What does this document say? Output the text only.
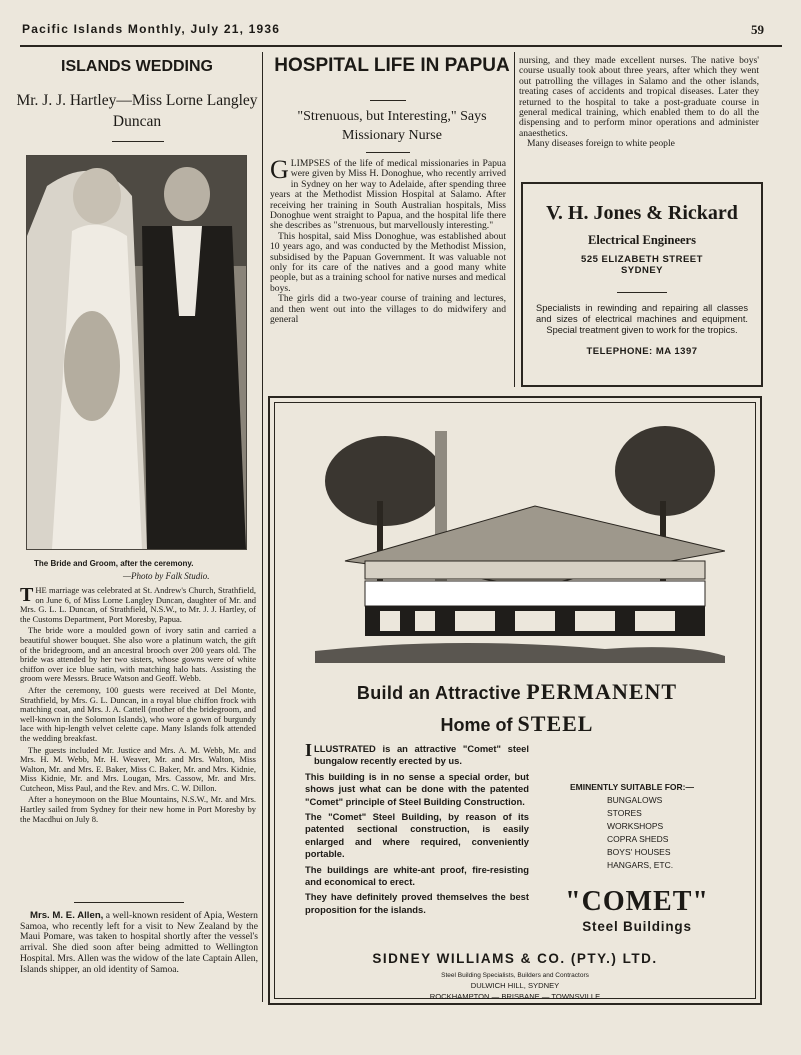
Pacific Islands Monthly, July 21, 1936	59
ISLANDS WEDDING
Mr. J. J. Hartley—Miss Lorne Langley Duncan
The Bride and Groom, after the ceremony.
—Photo by Falk Studio.

THE marriage was celebrated at St. Andrew's Church, Strathfield, on June 6, of Miss Lorne Langley Duncan, daughter of Mr. and Mrs. G. L. L. Duncan, of Strathfield, N.S.W., to Mr. J. J. Hartley, of the Customs Department, Port Moresby, Papua.

The bride wore a moulded gown of ivory satin and carried a beautiful shower bouquet. She also wore a platinum watch, the gift of the bridegroom, and an ancestral brooch over 200 years old. The bride was attended by her two sisters, whose gowns were of white chiffon over ice blue satin, with matching halo hats. Assisting the groom were Messrs. Bruce Watson and Geoff. Webb.

After the ceremony, 100 guests were received at Del Monte, Strathfield, by Mrs. G. L. Duncan, in a royal blue chiffon frock with matching coat, and Mrs. J. A. Cattell (mother of the bridegroom, and well-known in the Solomon Islands), who wore a gown of burgundy lace with hip-length velvet celette cape. Many Islands folk attended the wedding breakfast.

The guests included Mr. Justice and Mrs. A. M. Webb, Mr. and Mrs. H. M. Webb, Mr. H. Weaver, Mr. and Mrs. Walton, Miss Walton, Mr. and Mrs. E. Baker, Miss C. Baker, Mr. and Mrs. Kidnie, Miss Kidnie, Mr. and Mrs. Lougan, Mrs. Cassow, Mr. and Mrs. Cutcheon, Miss Paul, and the Rev. and Mrs. C. W. Dillon.

After a honeymoon on the Blue Mountains, N.S.W., Mr. and Mrs. Hartley sailed from Sydney for their new home in Port Moresby by the Macdhui on July 8.

Mrs. M. E. Allen, a well-known resident of Apia, Western Samoa, who recently left for a visit to New Zealand by the Maui Pomare, was taken to hospital shortly after the vessel's arrival. She died soon after being admitted to Wellington Hospital. Mrs. Allen was the widow of the late Captain Allen, Islands shipper, an old identity of Samoa.
HOSPITAL LIFE IN PAPUA
"Strenuous, but Interesting," Says Missionary Nurse

GLIMPSES of the life of medical missionaries in Papua were given by Miss H. Donoghue, who recently arrived in Sydney on her way to Adelaide, after spending three years at the Methodist Mission Hospital at Salamo. After receiving her training in South Australian hospitals, Miss Donoghue went straight to Papua, and the hospital life there she describes as "strenuous, but marvellously interesting."

This hospital, said Miss Donoghue, was established about 10 years ago, and was conducted by the Methodist Mission, subsidised by the Papuan Government. It was valuable not only for its care of the natives and a good many white people, but as a training school for native nurses and medical boys.

The girls did a two-year course of training and lectures, and then went out into the villages to do midwifery and general

nursing, and they made excellent nurses. The native boys' course usually took about three years, after which they went out patrolling the villages in Salamo and the other islands, treating cases of accidents and tropical diseases. Later they returned to the hospital to take a post-graduate course in general medical training, which enabled them to do all the dispensing and to perform minor operations and administer anaesthetics.

Many diseases foreign to white people

V. H. Jones & Rickard
Electrical Engineers
525 ELIZABETH STREET
SYDNEY
Specialists in rewinding and repairing all classes and sizes of electrical machines and equipment. Special treatment given to work for the tropics.
TELEPHONE: MA 1397
Build an Attractive PERMANENT
Home of STEEL

ILLUSTRATED is an attractive "Comet" steel bungalow recently erected by us.

This building is in no sense a special order, but shows just what can be done with the patented "Comet" principle of Steel Building Construction.

The "Comet" Steel Building, by reason of its patented sectional construction, is easily enlarged and where required, conveniently portable.

The buildings are white-ant proof, fire-resisting and economical to erect.

They have definitely proved themselves the best proposition for the islands.

EMINENTLY SUITABLE FOR:—
BUNGALOWS
STORES
WORKSHOPS
COPRA SHEDS
BOYS' HOUSES
HANGARS, ETC.
"COMET"
Steel Buildings
SIDNEY WILLIAMS & CO. (PTY.) LTD.
Steel Building Specialists, Builders and Contractors
DULWICH HILL, SYDNEY
ROCKHAMPTON — BRISBANE — TOWNSVILLE
